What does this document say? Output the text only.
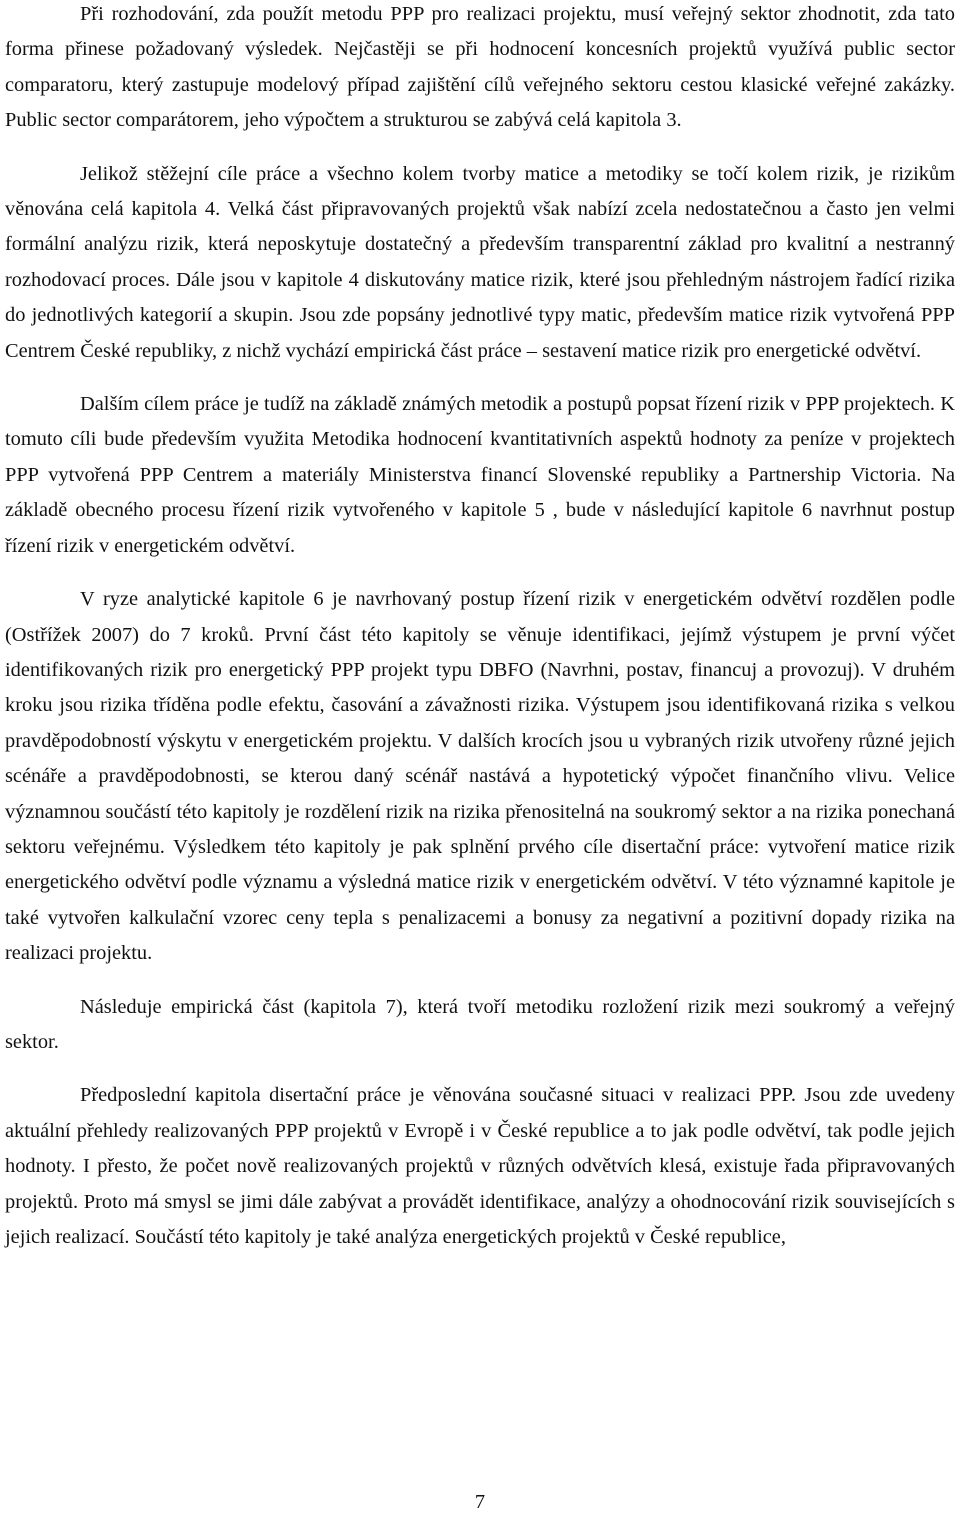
Při rozhodování, zda použít metodu PPP pro realizaci projektu, musí veřejný sektor zhodnotit, zda tato forma přinese požadovaný výsledek. Nejčastěji se při hodnocení koncesních projektů využívá public sector comparatoru, který zastupuje modelový případ zajištění cílů veřejného sektoru cestou klasické veřejné zakázky. Public sector comparátorem, jeho výpočtem a strukturou se zabývá celá kapitola 3.

Jelikož stěžejní cíle práce a všechno kolem tvorby matice a metodiky se točí kolem rizik, je rizikům věnována celá kapitola 4. Velká část připravovaných projektů však nabízí zcela nedostatečnou a často jen velmi formální analýzu rizik, která neposkytuje dostatečný a především transparentní základ pro kvalitní a nestranný rozhodovací proces. Dále jsou v kapitole 4 diskutovány matice rizik, které jsou přehledným nástrojem řadící rizika do jednotlivých kategorií a skupin. Jsou zde popsány jednotlivé typy matic, především matice rizik vytvořená PPP Centrem České republiky, z nichž vychází empirická část práce – sestavení matice rizik pro energetické odvětví.

Dalším cílem práce je tudíž na základě známých metodik a postupů popsat řízení rizik v PPP projektech. K tomuto cíli bude především využita Metodika hodnocení kvantitativních aspektů hodnoty za peníze v projektech PPP vytvořená PPP Centrem a materiály Ministerstva financí Slovenské republiky a Partnership Victoria. Na základě obecného procesu řízení rizik vytvořeného v kapitole 5 , bude v následující kapitole 6 navrhnut postup řízení rizik v energetickém odvětví.

V ryze analytické kapitole 6 je navrhovaný postup řízení rizik v energetickém odvětví rozdělen podle (Ostřížek 2007) do 7 kroků. První část této kapitoly se věnuje identifikaci, jejímž výstupem je první výčet identifikovaných rizik pro energetický PPP projekt typu DBFO (Navrhni, postav, financuj a provozuj). V druhém kroku jsou rizika tříděna podle efektu, časování a závažnosti rizika. Výstupem jsou identifikovaná rizika s velkou pravděpodobností výskytu v energetickém projektu. V dalších krocích jsou u vybraných rizik utvořeny různé jejich scénáře a pravděpodobnosti, se kterou daný scénář nastává a hypotetický výpočet finančního vlivu. Velice významnou součástí této kapitoly je rozdělení rizik na rizika přenositelná na soukromý sektor a na rizika ponechaná sektoru veřejnému. Výsledkem této kapitoly je pak splnění prvého cíle disertační práce: vytvoření matice rizik energetického odvětví podle významu a výsledná matice rizik v energetickém odvětví. V této významné kapitole je také vytvořen kalkulační vzorec ceny tepla s penalizacemi a bonusy za negativní a pozitivní dopady rizika na realizaci projektu.

Následuje empirická část (kapitola 7), která tvoří metodiku rozložení rizik mezi soukromý a veřejný sektor.

Předposlední kapitola disertační práce je věnována současné situaci v realizaci PPP. Jsou zde uvedeny aktuální přehledy realizovaných PPP projektů v Evropě i v České republice a to jak podle odvětví, tak podle jejich hodnoty. I přesto, že počet nově realizovaných projektů v různých odvětvích klesá, existuje řada připravovaných projektů. Proto má smysl se jimi dále zabývat a provádět identifikace, analýzy a ohodnocování rizik souvisejících s jejich realizací. Součástí této kapitoly je také analýza energetických projektů v České republice,

7
